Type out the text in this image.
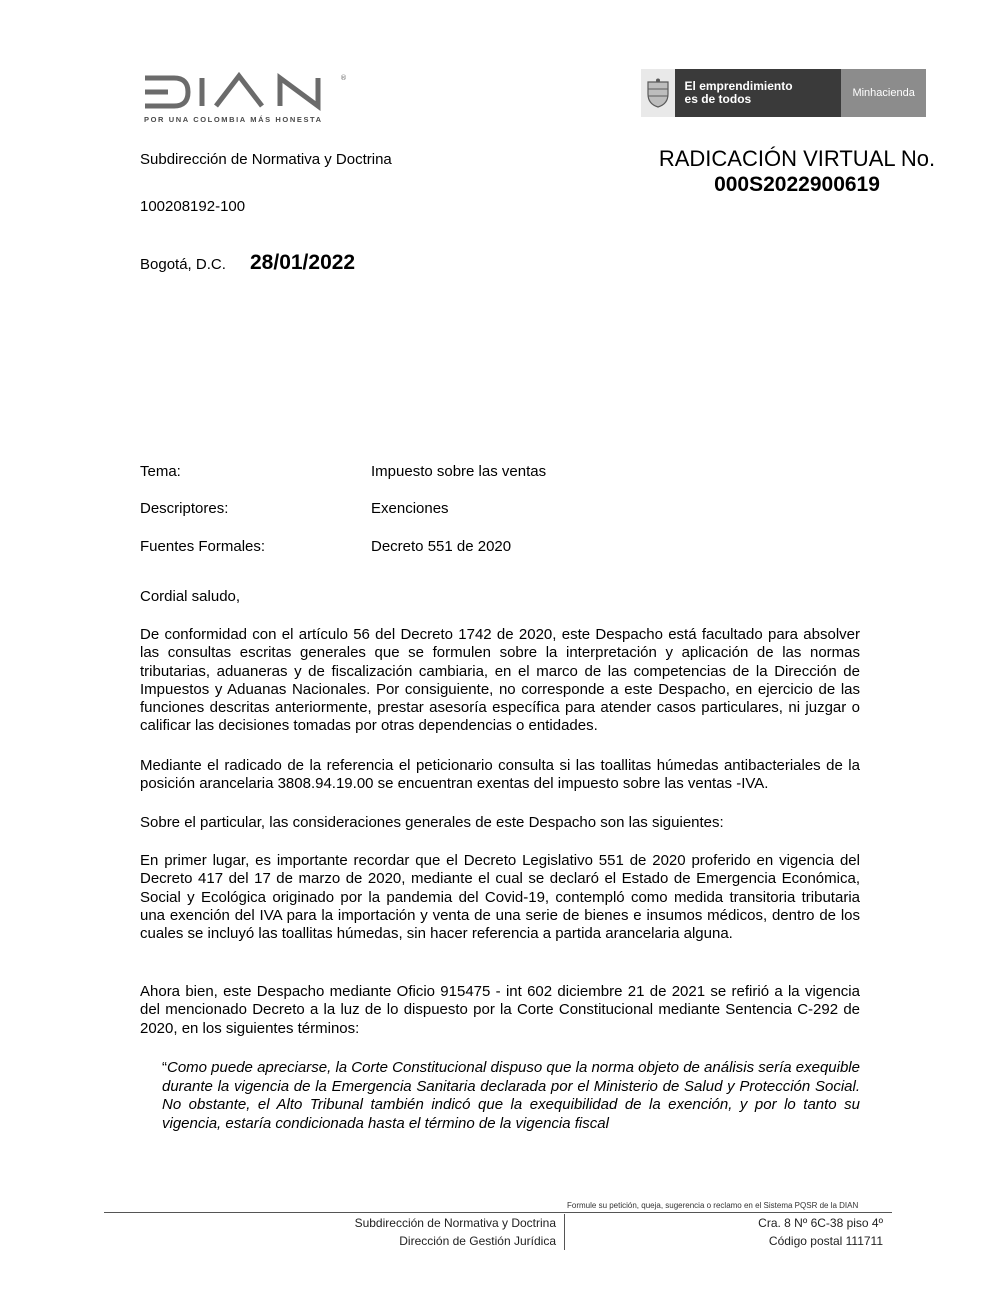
®
POR UNA COLOMBIA MÁS HONESTA
El emprendimiento
es de todos	Minhacienda
Subdirección de Normativa y Doctrina	RADICACIÓN VIRTUAL No.
000S2022900619
100208192-100
Bogotá, D.C. 28/01/2022
Tema:	Impuesto sobre las ventas
Descriptores:	Exenciones
Fuentes Formales:	Decreto 551 de 2020
Cordial saludo,
De conformidad con el artículo 56 del Decreto 1742 de 2020, este Despacho está facultado para absolver las consultas escritas generales que se formulen sobre la interpretación y aplicación de las normas tributarias, aduaneras y de fiscalización cambiaria, en el marco de las competencias de la Dirección de Impuestos y Aduanas Nacionales. Por consiguiente, no corresponde a este Despacho, en ejercicio de las funciones descritas anteriormente, prestar asesoría específica para atender casos particulares, ni juzgar o calificar las decisiones tomadas por otras dependencias o entidades.
Mediante el radicado de la referencia el peticionario consulta si las toallitas húmedas antibacteriales de la posición arancelaria 3808.94.19.00 se encuentran exentas del impuesto sobre las ventas -IVA.
Sobre el particular, las consideraciones generales de este Despacho son las siguientes:
En primer lugar, es importante recordar que el Decreto Legislativo 551 de 2020 proferido en vigencia del Decreto 417 del 17 de marzo de 2020, mediante el cual se declaró el Estado de Emergencia Económica, Social y Ecológica originado por la pandemia del Covid-19, contempló como medida transitoria tributaria una exención del IVA para la importación y venta de una serie de bienes e insumos médicos, dentro de los cuales se incluyó las toallitas húmedas, sin hacer referencia a partida arancelaria alguna.
Ahora bien, este Despacho mediante Oficio 915475 - int 602 diciembre 21 de 2021 se refirió a la vigencia del mencionado Decreto a la luz de lo dispuesto por la Corte Constitucional mediante Sentencia C-292 de 2020, en los siguientes términos:
“Como puede apreciarse, la Corte Constitucional dispuso que la norma objeto de análisis sería exequible durante la vigencia de la Emergencia Sanitaria declarada por el Ministerio de Salud y Protección Social. No obstante, el Alto Tribunal también indicó que la exequibilidad de la exención, y por lo tanto su vigencia, estaría condicionada hasta el término de la vigencia fiscal
Formule su petición, queja, sugerencia o reclamo en el Sistema PQSR de la DIAN
Subdirección de Normativa y Doctrina
Dirección de Gestión Jurídica
Cra. 8 Nº 6C-38 piso 4º
Código postal 111711
